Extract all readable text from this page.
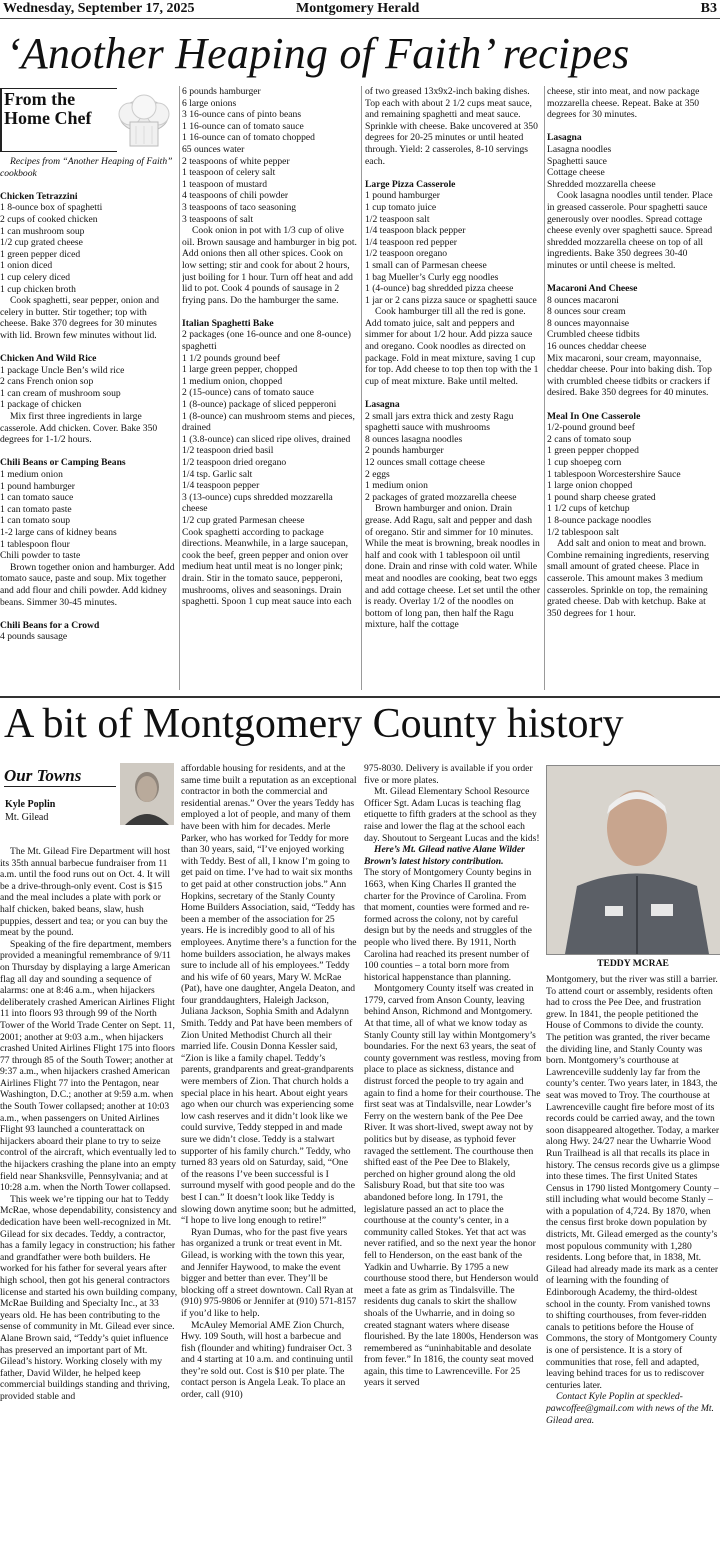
Wednesday, September 17, 2025	Montgomery Herald	B3
‘Another Heaping of Faith’ recipes
From the
Home Chef

Recipes from “Another Heaping of Faith” cookbook

Chicken Tetrazzini

1 8-ounce box of spaghetti

2 cups of cooked chicken

1 can mushroom soup

1/2 cup grated cheese

1 green pepper diced

1 onion diced

1 cup celery diced

1 cup chicken broth

Cook spaghetti, sear pepper, onion and celery in butter. Stir together; top with cheese. Bake 370 degrees for 30 minutes with lid. Brown few minutes without lid.

Chicken And Wild Rice

1 package Uncle Ben’s wild rice

2 cans French onion sop

1 can cream of mushroom soup

1 package of chicken

Mix first three ingredients in large casserole. Add chicken. Cover. Bake 350 degrees for 1-1/2 hours.

Chili Beans or Camping Beans

1 medium onion

1 pound hamburger

1 can tomato sauce

1 can tomato paste

1 can tomato soup

1-2 large cans of kidney beans

1 tablespoon flour

Chili powder to taste

Brown together onion and hamburger. Add tomato sauce, paste and soup. Mix together and add flour and chili powder. Add kidney beans. Simmer 30-45 minutes.

Chili Beans for a Crowd

4 pounds sausage

6 pounds hamburger

6 large onions

3 16-ounce cans of pinto beans

1 16-ounce can of tomato sauce

1 16-ounce can of tomato chopped

65 ounces water

2 teaspoons of white pepper

1 teaspoon of celery salt

1 teaspoon of mustard

4 teaspoons of chili powder

3 teaspoons of taco seasoning

3 teaspoons of salt

Cook onion in pot with 1/3 cup of olive oil. Brown sausage and hamburger in big pot. Add onions then all other spices. Cook on low setting; stir and cook for about 2 hours, just boiling for 1 hour. Turn off heat and add lid to pot. Cook 4 pounds of sausage in 2 frying pans. Do the hamburger the same.

Italian Spaghetti Bake

2 packages (one 16-ounce and one 8-ounce) spaghetti

1 1/2 pounds ground beef

1 large green pepper, chopped

1 medium onion, chopped

2 (15-ounce) cans of tomato sauce

1 (8-ounce) package of sliced pepperoni

1 (8-ounce) can mushroom stems and pieces, drained

1 (3.8-ounce) can sliced ripe olives, drained

1/2 teaspoon dried basil

1/2 teaspoon dried oregano

1/4 tsp. Garlic salt

1/4 teaspoon pepper

3 (13-ounce) cups shredded mozzarella cheese

1/2 cup grated Parmesan cheese

Cook spaghetti according to package directions. Meanwhile, in a large saucepan, cook the beef, green pepper and onion over medium heat until meat is no longer pink; drain. Stir in the tomato sauce, pepperoni, mushrooms, olives and seasonings. Drain spaghetti. Spoon 1 cup meat sauce into each

of two greased 13x9x2-inch baking dishes. Top each with about 2 1/2 cups meat sauce, and remaining spaghetti and meat sauce. Sprinkle with cheese. Bake uncovered at 350 degrees for 20-25 minutes or until heated through. Yield: 2 casseroles, 8-10 servings each.

Large Pizza Casserole

1 pound hamburger

1 cup tomato juice

1/2 teaspoon salt

1/4 teaspoon black pepper

1/4 teaspoon red pepper

1/2 teaspoon oregano

1 small can of Parmesan cheese

1 bag Mueller’s Curly egg noodles

1 (4-ounce) bag shredded pizza cheese

1 jar or 2 cans pizza sauce or spaghetti sauce

Cook hamburger till all the red is gone. Add tomato juice, salt and peppers and simmer for about 1/2 hour. Add pizza sauce and oregano. Cook noodles as directed on package. Fold in meat mixture, saving 1 cup for top. Add cheese to top then top with the 1 cup of meat mixture. Bake until melted.

Lasagna

2 small jars extra thick and zesty Ragu spaghetti sauce with mushrooms

8 ounces lasagna noodles

2 pounds hamburger

12 ounces small cottage cheese

2 eggs

1 medium onion

2 packages of grated mozzarella cheese

Brown hamburger and onion. Drain grease. Add Ragu, salt and pepper and dash of oregano. Stir and simmer for 10 minutes. While the meat is browning, break noodles in half and cook with 1 tablespoon oil until done. Drain and rinse with cold water. While meat and noodles are cooking, beat two eggs and add cottage cheese. Let set until the other is ready. Overlay 1/2 of the noodles on bottom of long pan, then half the Ragu mixture, half the cottage

cheese, stir into meat, and now package mozzarella cheese. Repeat. Bake at 350 degrees for 30 minutes.

Lasagna

Lasagna noodles

Spaghetti sauce

Cottage cheese

Shredded mozzarella cheese

Cook lasagna noodles until tender. Place in greased casserole. Pour spaghetti sauce generously over noodles. Spread cottage cheese evenly over spaghetti sauce. Spread shredded mozzarella cheese on top of all ingredients. Bake 350 degrees 30-40 minutes or until cheese is melted.

Macaroni And Cheese

8 ounces macaroni

8 ounces sour cream

8 ounces mayonnaise

Crumbled cheese tidbits

16 ounces cheddar cheese

Mix macaroni, sour cream, mayonnaise, cheddar cheese. Pour into baking dish. Top with crumbled cheese tidbits or crackers if desired. Bake 350 degrees for 40 minutes.

Meal In One Casserole

1/2-pound ground beef

2 cans of tomato soup

1 green pepper chopped

1 cup shoepeg corn

1 tablespoon Worcestershire Sauce

1 large onion chopped

1 pound sharp cheese grated

1 1/2 cups of ketchup

1 8-ounce package noodles

1/2 tablespoon salt

Add salt and onion to meat and brown. Combine remaining ingredients, reserving small amount of grated cheese. Place in casserole. This amount makes 3 medium casseroles. Sprinkle on top, the remaining grated cheese. Dab with ketchup. Bake at 350 degrees for 1 hour.

A bit of Montgomery County history
Our Towns
Kyle Poplin
Mt. Gilead

The Mt. Gilead Fire Department will host its 35th annual barbecue fundraiser from 11 a.m. until the food runs out on Oct. 4. It will be a drive-through-only event. Cost is $15 and the meal includes a plate with pork or half chicken, baked beans, slaw, hush puppies, dessert and tea; or you can buy the meat by the pound.

Speaking of the fire department, members provided a meaningful remembrance of 9/11 on Thursday by displaying a large American flag all day and sounding a sequence of alarms: one at 8:46 a.m., when hijackers deliberately crashed American Airlines Flight 11 into floors 93 through 99 of the North Tower of the World Trade Center on Sept. 11, 2001; another at 9:03 a.m., when hijackers crashed United Airlines Flight 175 into floors 77 through 85 of the South Tower; another at 9:37 a.m., when hijackers crashed American Airlines Flight 77 into the Pentagon, near Washington, D.C.; another at 9:59 a.m. when the South Tower collapsed; another at 10:03 a.m., when passengers on United Airlines Flight 93 launched a counterattack on hijackers aboard their plane to try to seize control of the aircraft, which eventually led to the hijackers crashing the plane into an empty field near Shanksville, Pennsylvania; and at 10:28 a.m. when the North Tower collapsed.

This week we’re tipping our hat to Teddy McRae, whose dependability, consistency and dedication have been well-recognized in Mt. Gilead for six decades. Teddy, a contractor, has a family legacy in construction; his father and grandfather were both builders. He worked for his father for several years after high school, then got his general contractors license and started his own building company, McRae Building and Specialty Inc., at 33 years old. He has been contributing to the sense of community in Mt. Gilead ever since. Alane Brown said, “Teddy’s quiet influence has preserved an important part of Mt. Gilead’s history. Working closely with my father, David Wilder, he helped keep commercial buildings standing and thriving, provided stable and

affordable housing for residents, and at the same time built a reputation as an exceptional contractor in both the commercial and residential arenas.” Over the years Teddy has employed a lot of people, and many of them have been with him for decades. Merle Parker, who has worked for Teddy for more than 30 years, said, “I’ve enjoyed working with Teddy. Best of all, I know I’m going to get paid on time. I’ve had to wait six months to get paid at other construction jobs.” Ann Hopkins, secretary of the Stanly County Home Builders Association, said, “Teddy has been a member of the association for 25 years. He is incredibly good to all of his employees. Anytime there’s a function for the home builders association, he always makes sure to include all of his employees.” Teddy and his wife of 60 years, Mary W. McRae (Pat), have one daughter, Angela Deaton, and four granddaughters, Haleigh Jackson, Juliana Jackson, Sophia Smith and Adalynn Smith. Teddy and Pat have been members of Zion United Methodist Church all their married life. Cousin Donna Kessler said, “Zion is like a family chapel. Teddy’s parents, grandparents and great-grandparents were members of Zion. That church holds a special place in his heart. About eight years ago when our church was experiencing some low cash reserves and it didn’t look like we could survive, Teddy stepped in and made sure we didn’t close. Teddy is a stalwart supporter of his family church.” Teddy, who turned 83 years old on Saturday, said, “One of the reasons I’ve been successful is I surround myself with good people and do the best I can.” It doesn’t look like Teddy is slowing down anytime soon; but he admitted, “I hope to live long enough to retire!”

Ryan Dumas, who for the past five years has organized a trunk or treat event in Mt. Gilead, is working with the town this year, and Jennifer Haywood, to make the event bigger and better than ever. They’ll be blocking off a street downtown. Call Ryan at (910) 975-9806 or Jennifer at (910) 571-8157 if you’d like to help.

McAuley Memorial AME Zion Church, Hwy. 109 South, will host a barbecue and fish (flounder and whiting) fundraiser Oct. 3 and 4 starting at 10 a.m. and continuing until they’re sold out. Cost is $10 per plate. The contact person is Angela Leak. To place an order, call (910)

975-8030. Delivery is available if you order five or more plates.

Mt. Gilead Elementary School Resource Officer Sgt. Adam Lucas is teaching flag etiquette to fifth graders at the school as they raise and lower the flag at the school each day. Shoutout to Sergeant Lucas and the kids!

Here’s Mt. Gilead native Alane Wilder Brown’s latest history contribution.

The story of Montgomery County begins in 1663, when King Charles II granted the charter for the Province of Carolina. From that moment, counties were formed and re-formed across the colony, not by careful design but by the needs and struggles of the people who lived there. By 1911, North Carolina had reached its present number of 100 counties – a total born more from historical happenstance than planning.

Montgomery County itself was created in 1779, carved from Anson County, leaving behind Anson, Richmond and Montgomery. At that time, all of what we know today as Stanly County still lay within Montgomery’s boundaries. For the next 63 years, the seat of county government was restless, moving from place to place as sickness, distance and distrust forced the people to try again and again to find a home for their courthouse. The first seat was at Tindalsville, near Lowder’s Ferry on the western bank of the Pee Dee River. It was short-lived, swept away not by politics but by disease, as typhoid fever ravaged the settlement. The courthouse then shifted east of the Pee Dee to Blakely, perched on higher ground along the old Salisbury Road, but that site too was abandoned before long. In 1791, the legislature passed an act to place the courthouse at the county’s center, in a community called Stokes. Yet that act was never ratified, and so the next year the honor fell to Henderson, on the east bank of the Yadkin and Uwharrie. By 1795 a new courthouse stood there, but Henderson would meet a fate as grim as Tindalsville. The residents dug canals to skirt the shallow shoals of the Uwharrie, and in doing so created stagnant waters where disease flourished. By the late 1800s, Henderson was remembered as “uninhabitable and desolate from fever.” In 1816, the county seat moved again, this time to Lawrenceville. For 25 years it served

TEDDY MCRAE

Montgomery, but the river was still a barrier. To attend court or assembly, residents often had to cross the Pee Dee, and frustration grew. In 1841, the people petitioned the House of Commons to divide the county. The petition was granted, the river became the dividing line, and Stanly County was born. Montgomery’s courthouse at Lawrenceville suddenly lay far from the county’s center. Two years later, in 1843, the seat was moved to Troy. The courthouse at Lawrenceville caught fire before most of its records could be carried away, and the town soon disappeared altogether. Today, a marker along Hwy. 24/27 near the Uwharrie Wood Run Trailhead is all that recalls its place in history. The census records give us a glimpse into these times. The first United States Census in 1790 listed Montgomery County – still including what would become Stanly – with a population of 4,724. By 1870, when the census first broke down population by districts, Mt. Gilead emerged as the county’s most populous community with 1,280 residents. Long before that, in 1838, Mt. Gilead had already made its mark as a center of learning with the founding of Edinborough Academy, the third-oldest school in the county. From vanished towns to shifting courthouses, from fever-ridden canals to petitions before the House of Commons, the story of Montgomery County is one of persistence. It is a story of communities that rose, fell and adapted, leaving behind traces for us to rediscover centuries later.

Contact Kyle Poplin at speckled-pawcoffee@gmail.com with news of the Mt. Gilead area.
